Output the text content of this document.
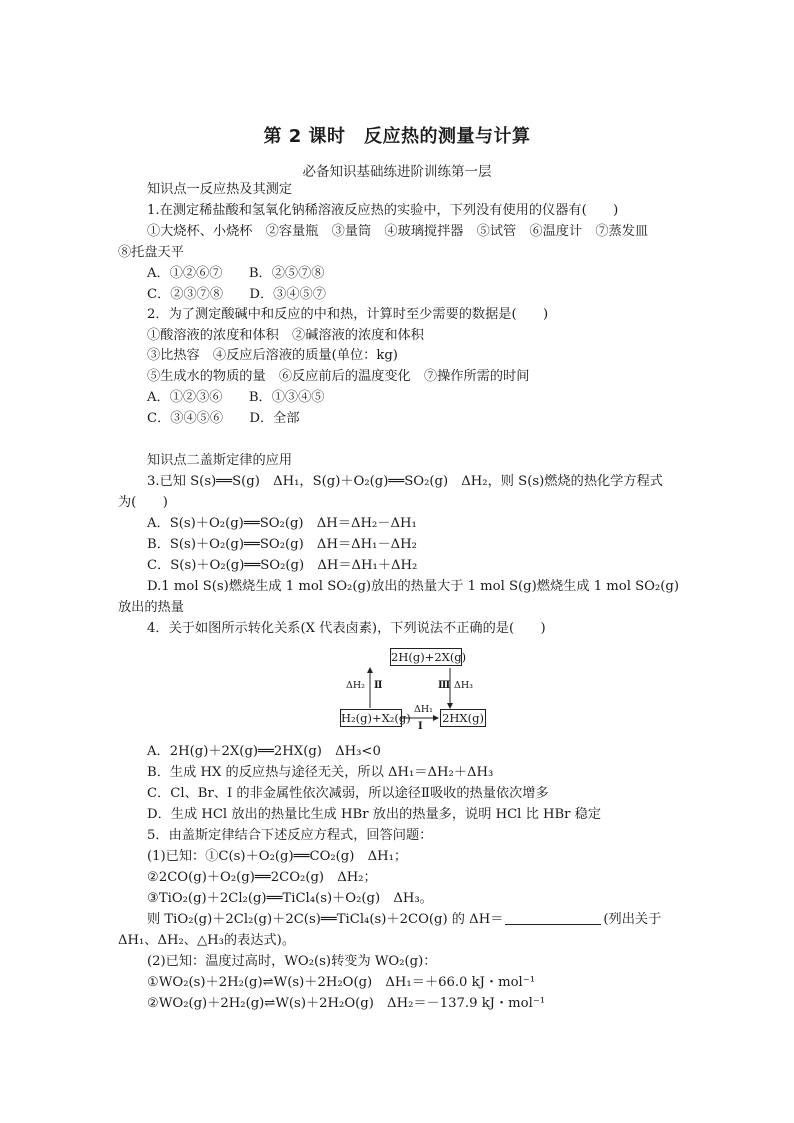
第 2 课时　反应热的测量与计算
必备知识基础练进阶训练第一层
知识点一反应热及其测定
1.在测定稀盐酸和氢氧化钠稀溶液反应热的实验中，下列没有使用的仪器有(　　)
①大烧杯、小烧杯　②容量瓶　③量筒　④玻璃搅拌器　⑤试管　⑥温度计　⑦蒸发皿
⑧托盘天平
A．①②⑥⑦　　B．②⑤⑦⑧
C．②③⑦⑧　　D．③④⑤⑦
2．为了测定酸碱中和反应的中和热，计算时至少需要的数据是(　　)
①酸溶液的浓度和体积　②碱溶液的浓度和体积
③比热容　④反应后溶液的质量(单位：kg)
⑤生成水的物质的量　⑥反应前后的温度变化　⑦操作所需的时间
A．①②③⑥　　B．①③④⑤
C．③④⑤⑥　　D．全部
知识点二盖斯定律的应用
3.已知 S(s)══S(g)　ΔH₁，S(g)＋O₂(g)══SO₂(g)　ΔH₂，则 S(s)燃烧的热化学方程式
为(　　)
A．S(s)＋O₂(g)══SO₂(g)　ΔH＝ΔH₂－ΔH₁
B．S(s)＋O₂(g)══SO₂(g)　ΔH＝ΔH₁－ΔH₂
C．S(s)＋O₂(g)══SO₂(g)　ΔH＝ΔH₁＋ΔH₂
D.1 mol S(s)燃烧生成 1 mol SO₂(g)放出的热量大于 1 mol S(g)燃烧生成 1 mol SO₂(g)
放出的热量
4．关于如图所示转化关系(X 代表卤素)，下列说法不正确的是(　　)
2H(g)+2X(g)
H₂(g)+X₂(g)	2HX(g)
ΔH₂ Ⅱ	Ⅲ ΔH₃
ΔH₁
Ⅰ
A．2H(g)＋2X(g)══2HX(g)　ΔH₃<0
B．生成 HX 的反应热与途径无关，所以 ΔH₁＝ΔH₂＋ΔH₃
C．Cl、Br、I 的非金属性依次减弱，所以途径Ⅱ吸收的热量依次增多
D．生成 HCl 放出的热量比生成 HBr 放出的热量多，说明 HCl 比 HBr 稳定
5．由盖斯定律结合下述反应方程式，回答问题：
(1)已知：①C(s)＋O₂(g)══CO₂(g)　ΔH₁；
②2CO(g)＋O₂(g)══2CO₂(g)　ΔH₂；
③TiO₂(g)＋2Cl₂(g)══TiCl₄(s)＋O₂(g)　ΔH₃。
则 TiO₂(g)＋2Cl₂(g)＋2C(s)══TiCl₄(s)＋2CO(g) 的 ΔH＝	(列出关于
ΔH₁、ΔH₂、△H₃的表达式)。
(2)已知：温度过高时，WO₂(s)转变为 WO₂(g)：
①WO₂(s)＋2H₂(g)⇌W(s)＋2H₂O(g)　ΔH₁＝＋66.0 kJ・mol⁻¹
②WO₂(g)＋2H₂(g)⇌W(s)＋2H₂O(g)　ΔH₂＝－137.9 kJ・mol⁻¹
